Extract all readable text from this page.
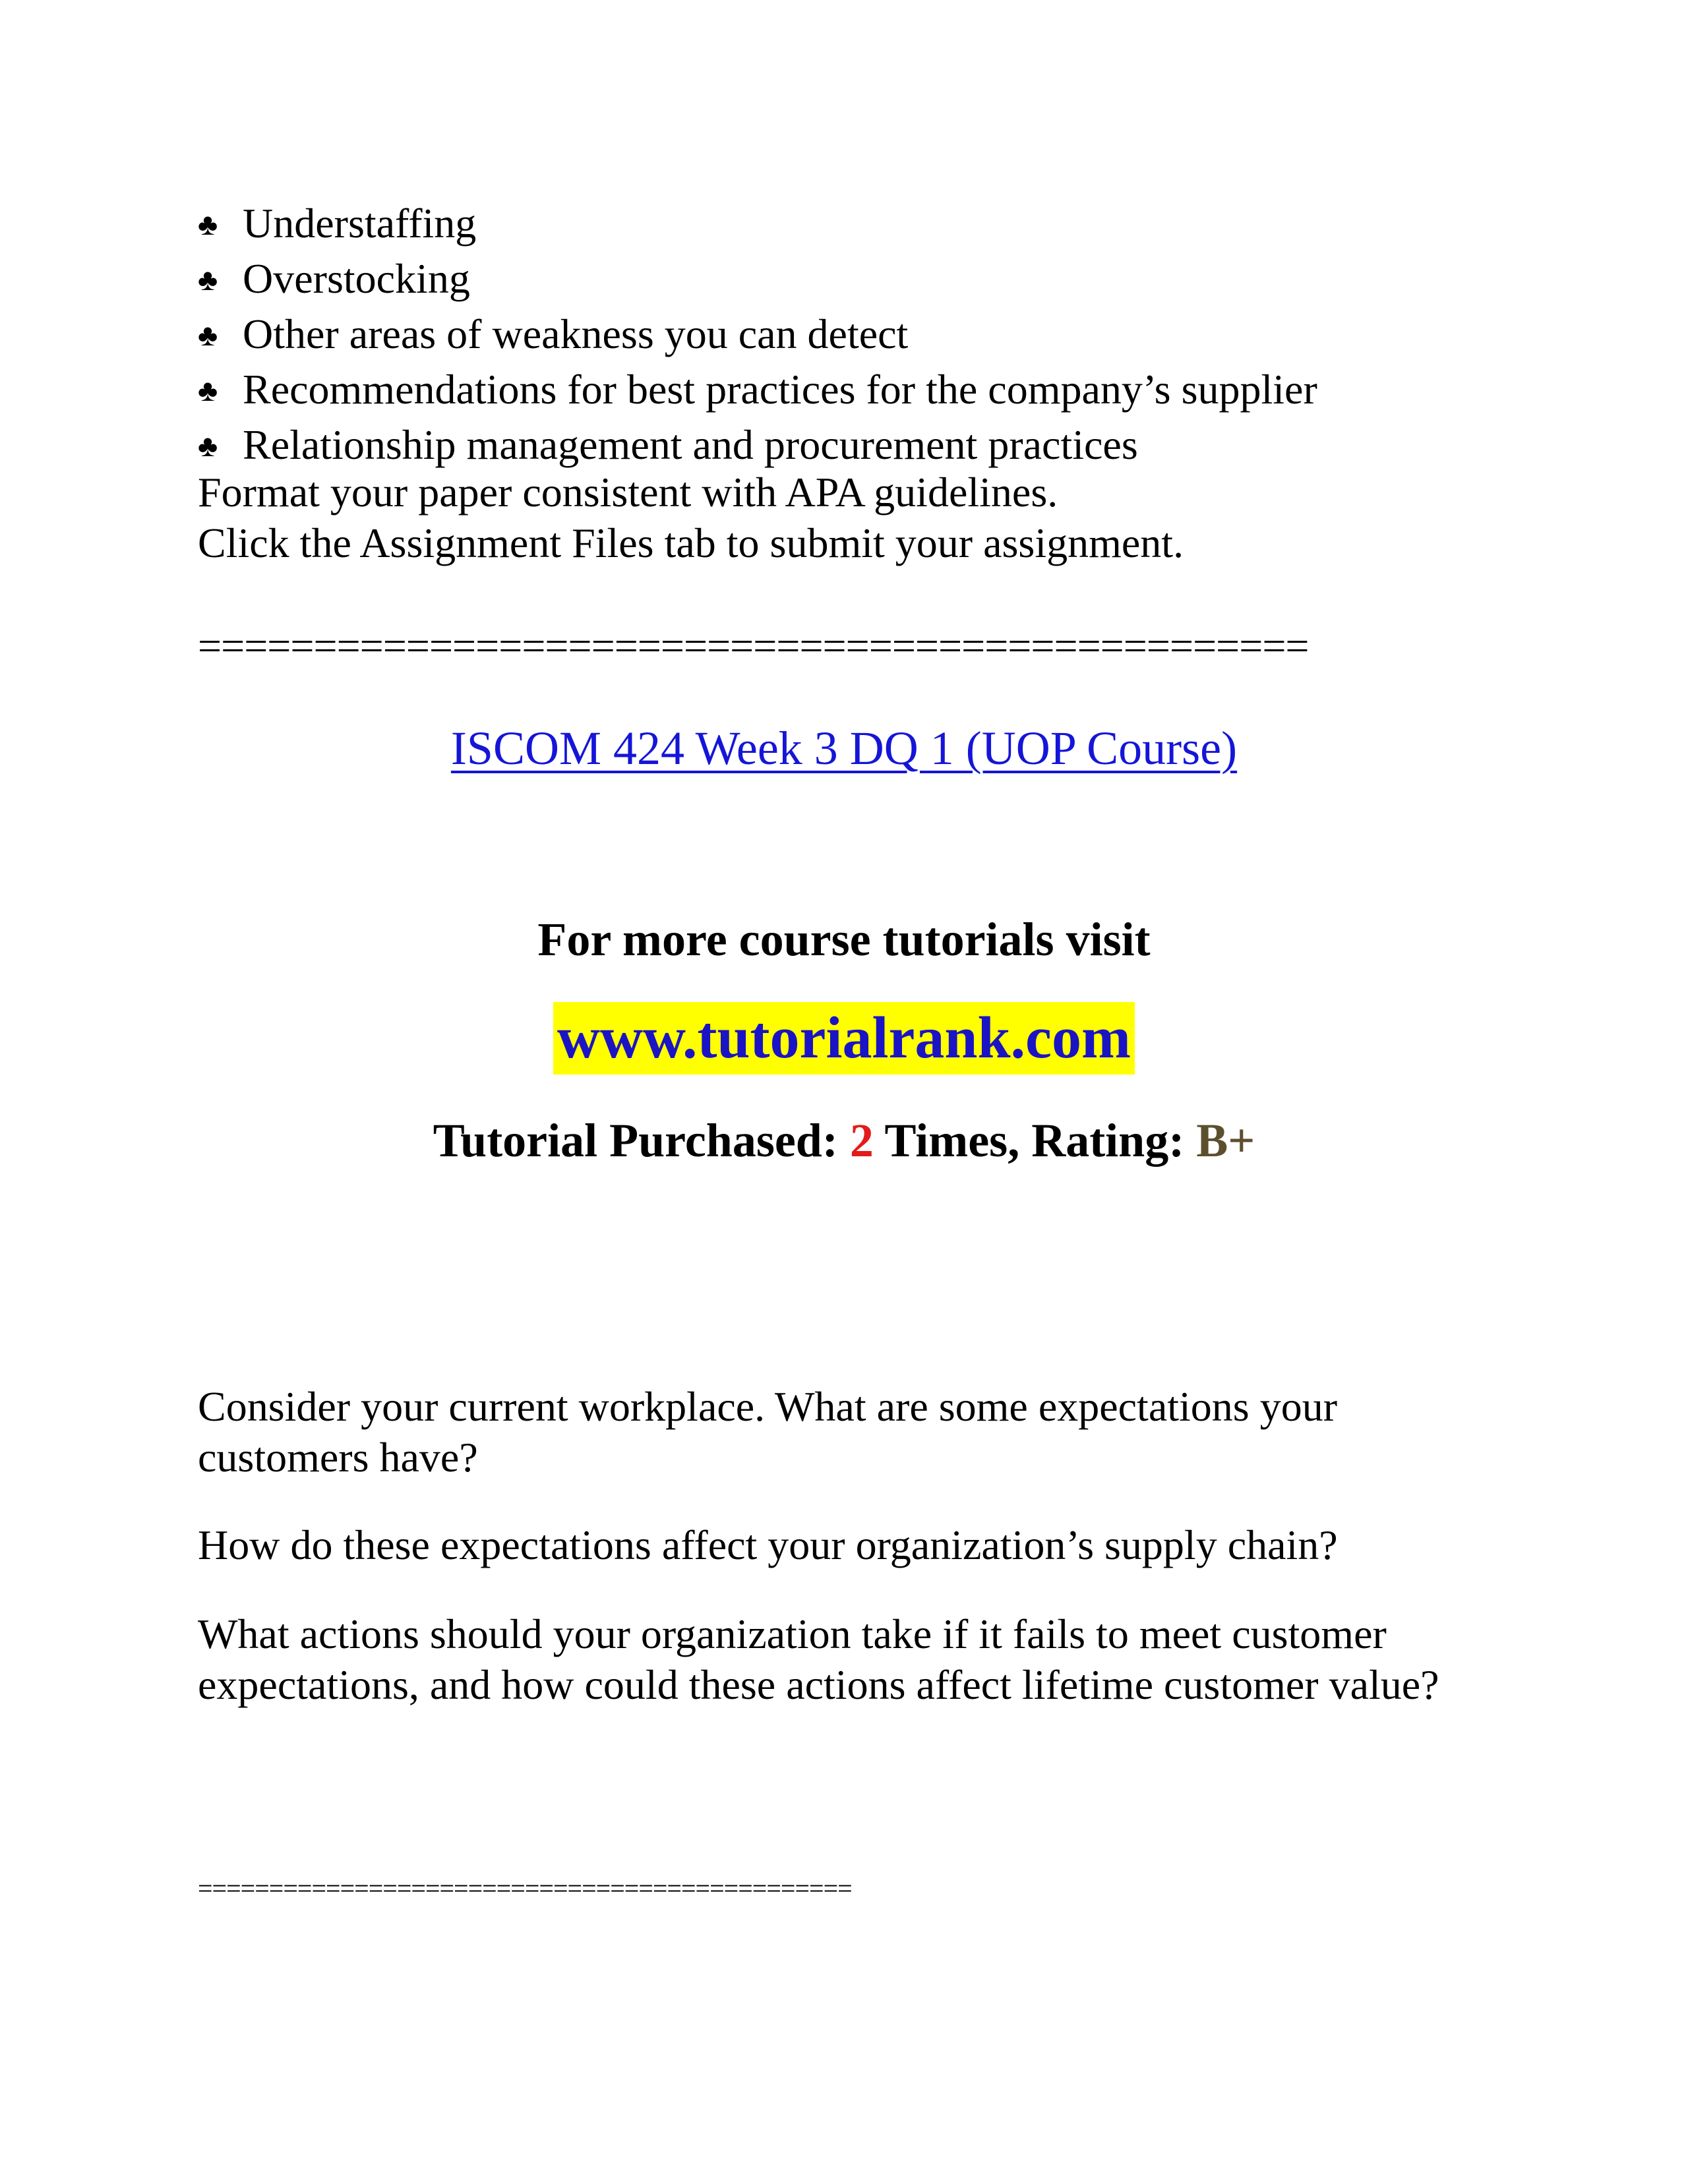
♣ Understaffing
♣ Overstocking
♣ Other areas of weakness you can detect
♣ Recommendations for best practices for the company’s supplier
♣ Relationship management and procurement practices
Format your paper consistent with APA guidelines.
Click the Assignment Files tab to submit your assignment.
================================================
ISCOM 424 Week 3 DQ 1 (UOP Course)
For more course tutorials visit
www.tutorialrank.com
Tutorial Purchased: 2 Times, Rating: B+
Consider your current workplace. What are some expectations your customers have?
How do these expectations affect your organization’s supply chain?
What actions should your organization take if it fails to meet customer expectations, and how could these actions affect lifetime customer value?
==============================================
